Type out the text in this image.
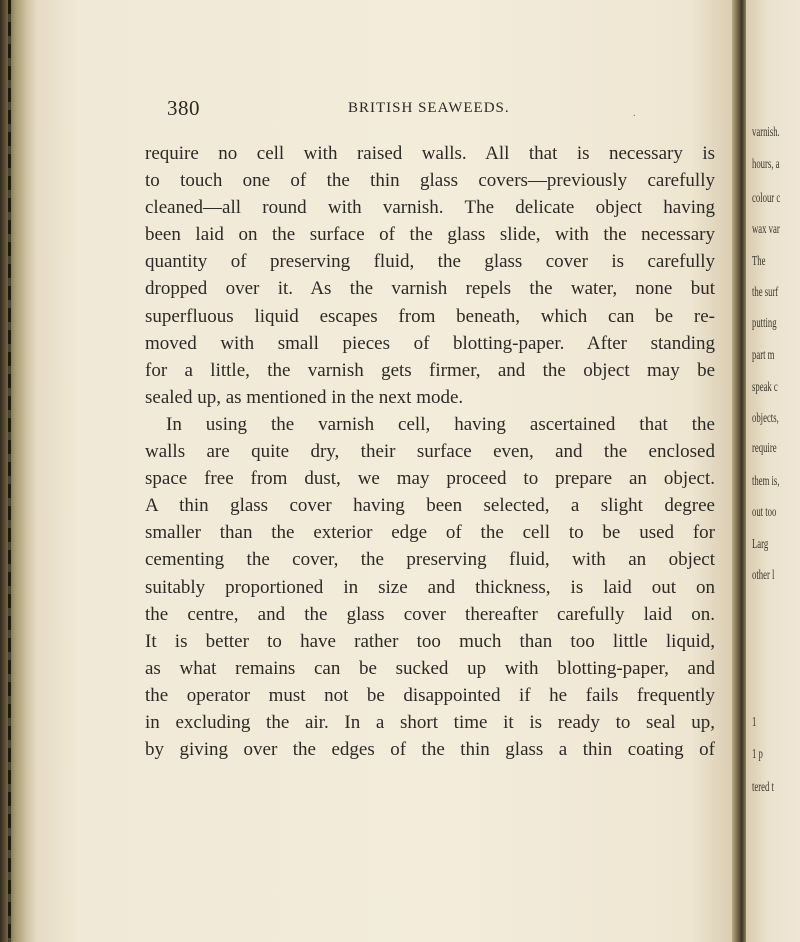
varnish.
hours, a
colour c
wax var
The
the surf
putting
part m
speak c
objects,
require
them is,
out too
Larg
other l
1
1 p
tered t
380	BRITISH SEAWEEDS.	.
require no cell with raised walls. All that is necessary is
to touch one of the thin glass covers—previously carefully
cleaned—all round with varnish. The delicate object having
been laid on the surface of the glass slide, with the necessary
quantity of preserving fluid, the glass cover is carefully
dropped over it. As the varnish repels the water, none but
superfluous liquid escapes from beneath, which can be re-
moved with small pieces of blotting-paper. After standing
for a little, the varnish gets firmer, and the object may be
sealed up, as mentioned in the next mode.
In using the varnish cell, having ascertained that the
walls are quite dry, their surface even, and the enclosed
space free from dust, we may proceed to prepare an object.
A thin glass cover having been selected, a slight degree
smaller than the exterior edge of the cell to be used for
cementing the cover, the preserving fluid, with an object
suitably proportioned in size and thickness, is laid out on
the centre, and the glass cover thereafter carefully laid on.
It is better to have rather too much than too little liquid,
as what remains can be sucked up with blotting-paper, and
the operator must not be disappointed if he fails frequently
in excluding the air. In a short time it is ready to seal up,
by giving over the edges of the thin glass a thin coating of
